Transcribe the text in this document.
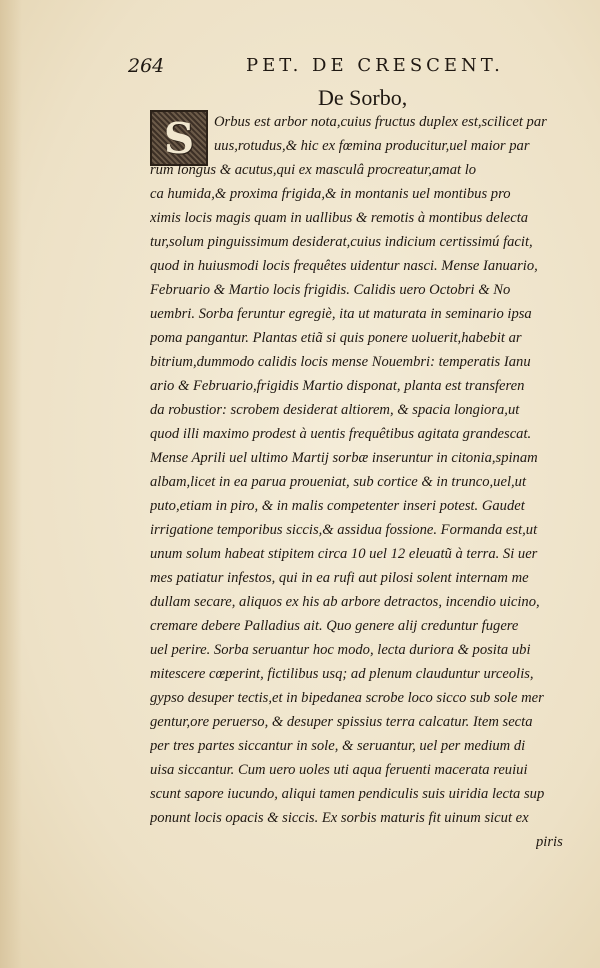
264	PET. DE CRESCENT.
De Sorbo,
S Orbus est arbor nota,cuius fructus duplex est,scilicet par
uus,rotudus,& hic ex fœmina producitur,uel maior par
rum longus & acutus,qui ex masculâ procreatur,amat lo
ca humida,& proxima frigida,& in montanis uel montibus pro
ximis locis magis quam in uallibus & remotis à montibus delecta
tur,solum pinguissimum desiderat,cuius indicium certissimú facit,
quod in huiusmodi locis frequêtes uidentur nasci. Mense Ianuario,
Februario & Martio locis frigidis. Calidis uero Octobri & No
uembri. Sorba feruntur egregiè, ita ut maturata in seminario ipsa
poma pangantur. Plantas etiã si quis ponere uoluerit,habebit ar
bitrium,dummodo calidis locis mense Nouembri: temperatis Ianu
ario & Februario,frigidis Martio disponat, planta est transferen
da robustior: scrobem desiderat altiorem, & spacia longiora,ut
quod illi maximo prodest à uentis frequêtibus agitata grandescat.
Mense Aprili uel ultimo Martij sorbæ inseruntur in citonia,spinam
albam,licet in ea parua proueniat, sub cortice & in trunco,uel,ut
puto,etiam in piro, & in malis competenter inseri potest. Gaudet
irrigatione temporibus siccis,& assidua fossione. Formanda est,ut
unum solum habeat stipitem circa 10 uel 12 eleuatũ à terra. Si uer
mes patiatur infestos, qui in ea rufi aut pilosi solent internam me
dullam secare, aliquos ex his ab arbore detractos, incendio uicino,
cremare debere Palladius ait. Quo genere alij creduntur fugere
uel perire. Sorba seruantur hoc modo, lecta duriora & posita ubi
mitescere cœperint, fictilibus usq; ad plenum clauduntur urceolis,
gypso desuper tectis,et in bipedanea scrobe loco sicco sub sole mer
gentur,ore peruerso, & desuper spissius terra calcatur. Item secta
per tres partes siccantur in sole, & seruantur, uel per medium di
uisa siccantur. Cum uero uoles uti aqua feruenti macerata reuiui
scunt sapore iucundo, aliqui tamen pendiculis suis uiridia lecta sup
ponunt locis opacis & siccis. Ex sorbis maturis fit uinum sicut ex
piris
